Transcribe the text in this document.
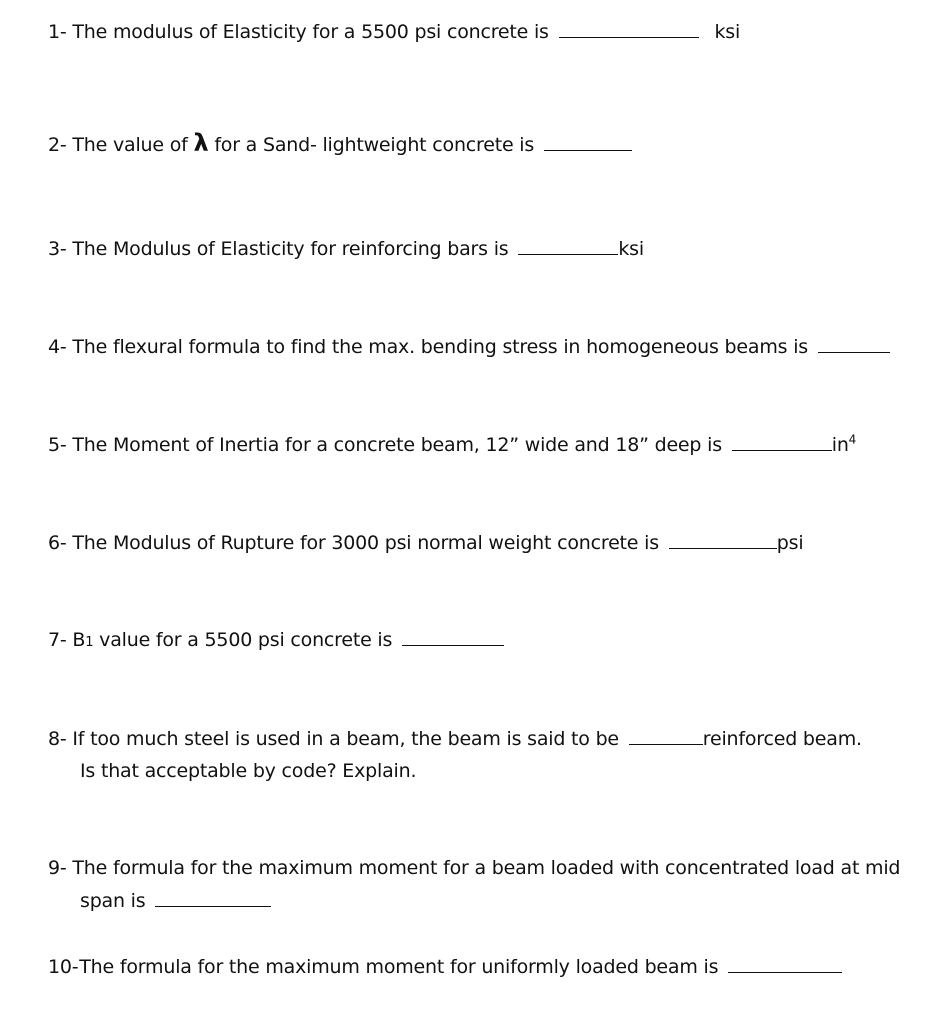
1- The modulus of Elasticity for a 5500 psi concrete is	ksi
2- The value of λ for a Sand- lightweight concrete is
3- The Modulus of Elasticity for reinforcing bars is	ksi
4- The flexural formula to find the max. bending stress in homogeneous beams is
5- The Moment of Inertia for a concrete beam, 12” wide and 18” deep is	$in^4$
6- The Modulus of Rupture for 3000 psi normal weight concrete is	psi
7- B1 value for a 5500 psi concrete is
8- If too much steel is used in a beam, the beam is said to be	reinforced beam.
Is that acceptable by code? Explain.
9- The formula for the maximum moment for a beam loaded with concentrated load at mid
span is
10- The formula for the maximum moment for uniformly loaded beam is
